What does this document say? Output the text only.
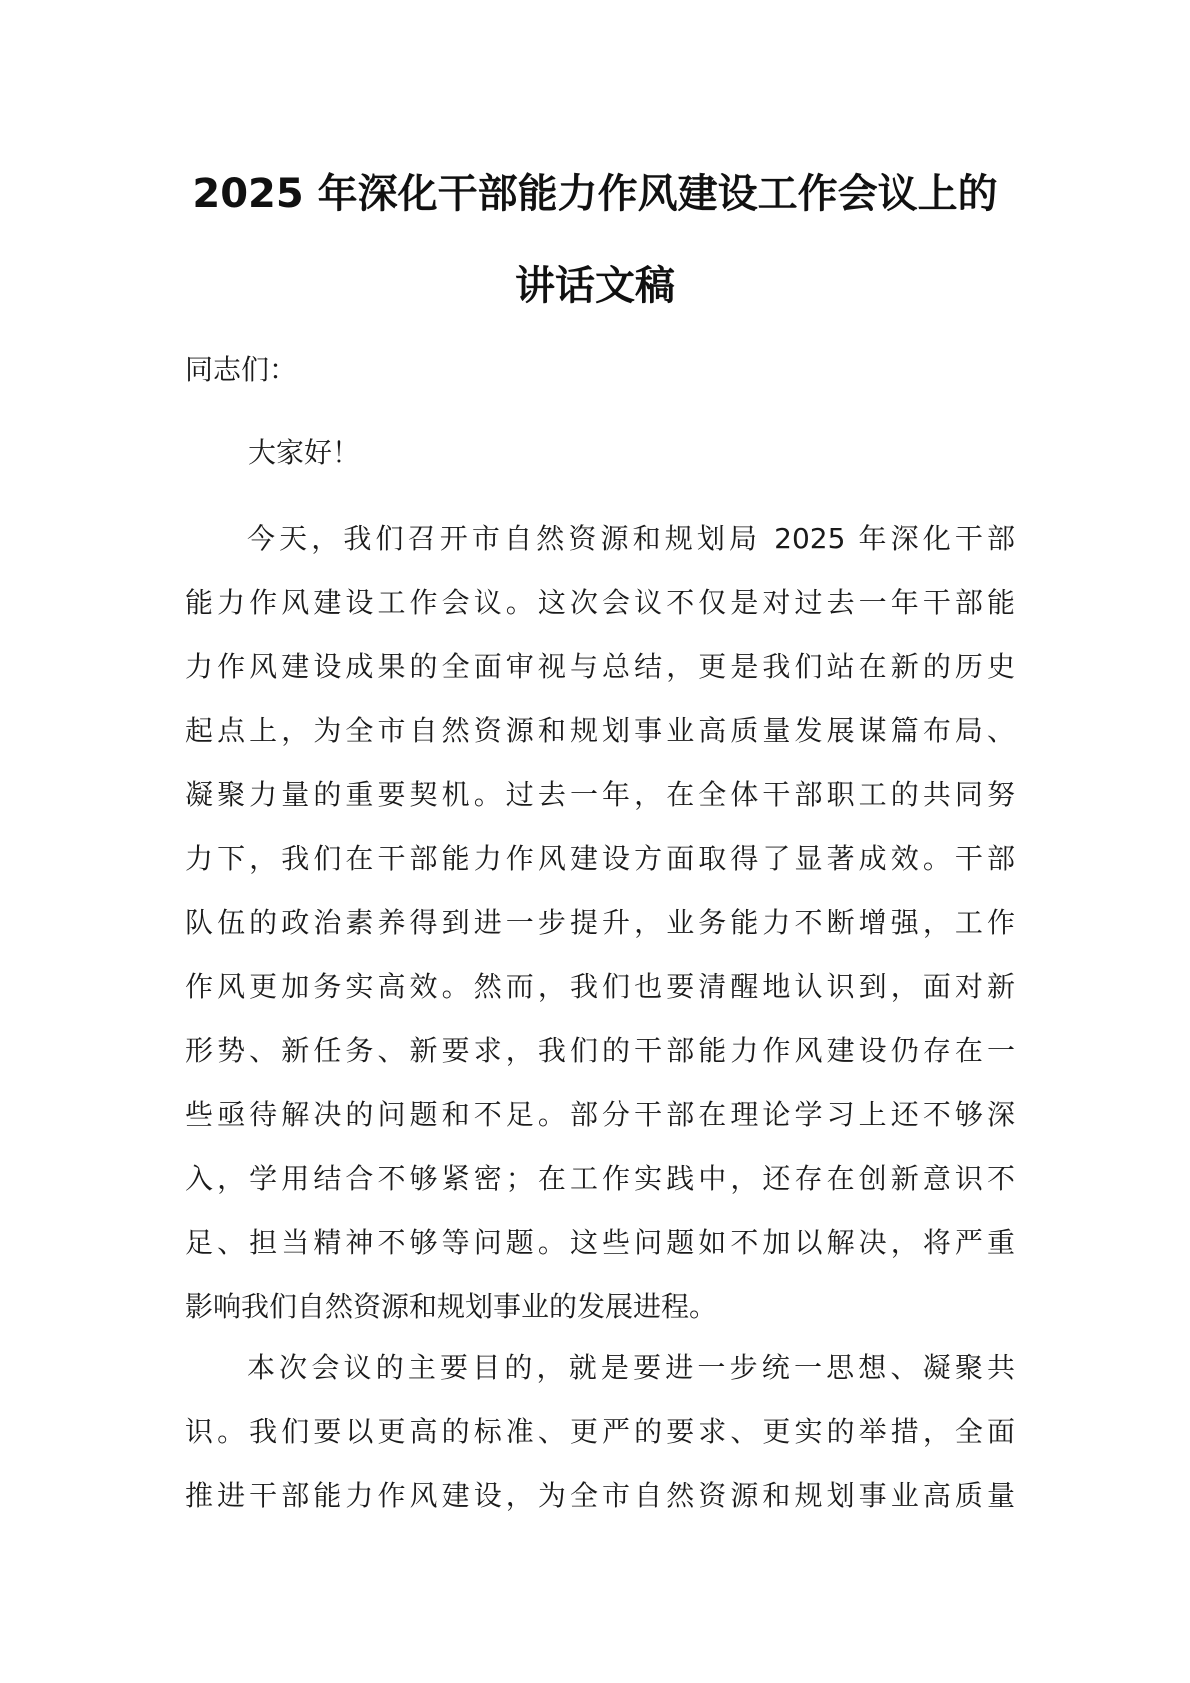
2025 年深化干部能力作风建设工作会议上的
讲话文稿
同志们：
大家好！
今天，我们召开市自然资源和规划局 2025 年深化干部
能力作风建设工作会议。这次会议不仅是对过去一年干部能
力作风建设成果的全面审视与总结，更是我们站在新的历史
起点上，为全市自然资源和规划事业高质量发展谋篇布局、
凝聚力量的重要契机。过去一年，在全体干部职工的共同努
力下，我们在干部能力作风建设方面取得了显著成效。干部
队伍的政治素养得到进一步提升，业务能力不断增强，工作
作风更加务实高效。然而，我们也要清醒地认识到，面对新
形势、新任务、新要求，我们的干部能力作风建设仍存在一
些亟待解决的问题和不足。部分干部在理论学习上还不够深
入，学用结合不够紧密；在工作实践中，还存在创新意识不
足、担当精神不够等问题。这些问题如不加以解决，将严重
影响我们自然资源和规划事业的发展进程。
本次会议的主要目的，就是要进一步统一思想、凝聚共
识。我们要以更高的标准、更严的要求、更实的举措，全面
推进干部能力作风建设，为全市自然资源和规划事业高质量
